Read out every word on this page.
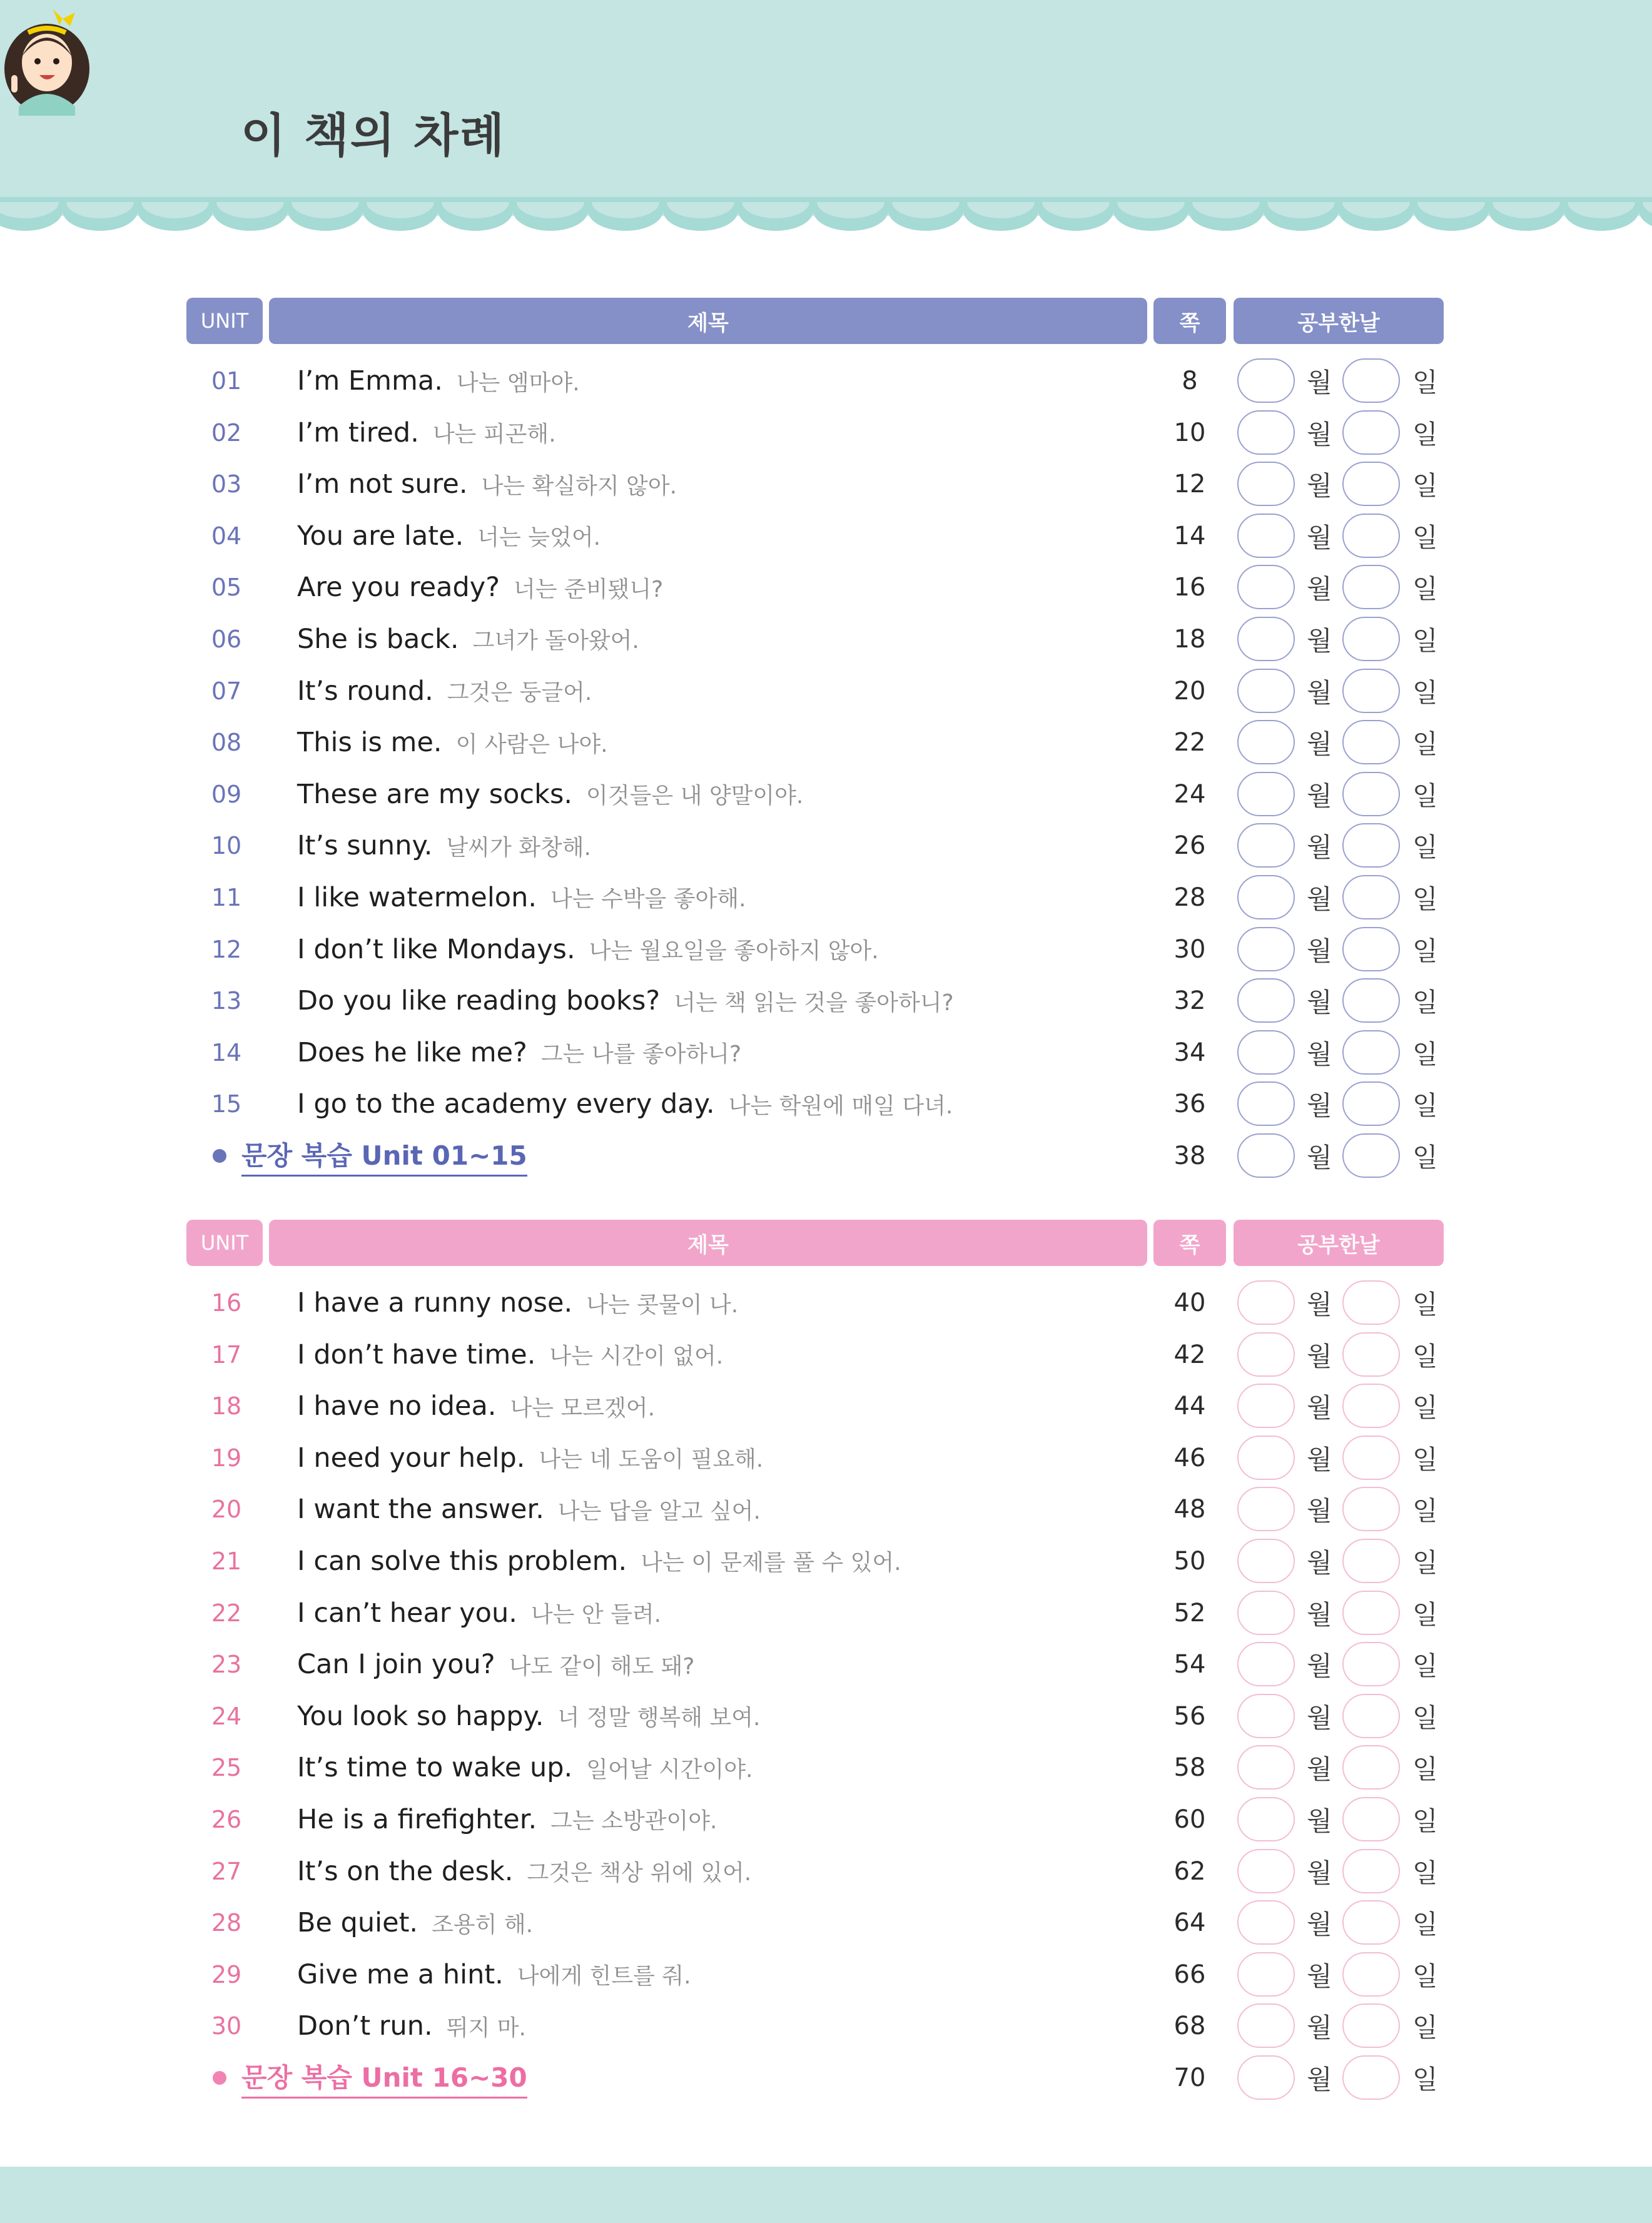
이 책의 차례
UNIT	제목	쪽	공부한날
01	I’m Emma. 나는 엠마야.	8	월	일
02	I’m tired. 나는 피곤해.	10	월	일
03	I’m not sure. 나는 확실하지 않아.	12	월	일
04	You are late. 너는 늦었어.	14	월	일
05	Are you ready? 너는 준비됐니?	16	월	일
06	She is back. 그녀가 돌아왔어.	18	월	일
07	It’s round. 그것은 둥글어.	20	월	일
08	This is me. 이 사람은 나야.	22	월	일
09	These are my socks. 이것들은 내 양말이야.	24	월	일
10	It’s sunny. 날씨가 화창해.	26	월	일
11	I like watermelon. 나는 수박을 좋아해.	28	월	일
12	I don’t like Mondays. 나는 월요일을 좋아하지 않아.	30	월	일
13	Do you like reading books? 너는 책 읽는 것을 좋아하니?	32	월	일
14	Does he like me? 그는 나를 좋아하니?	34	월	일
15	I go to the academy every day. 나는 학원에 매일 다녀.	36	월	일
문장 복습 Unit 01~15	38	월	일
UNIT	제목	쪽	공부한날
16	I have a runny nose. 나는 콧물이 나.	40	월	일
17	I don’t have time. 나는 시간이 없어.	42	월	일
18	I have no idea. 나는 모르겠어.	44	월	일
19	I need your help. 나는 네 도움이 필요해.	46	월	일
20	I want the answer. 나는 답을 알고 싶어.	48	월	일
21	I can solve this problem. 나는 이 문제를 풀 수 있어.	50	월	일
22	I can’t hear you. 나는 안 들려.	52	월	일
23	Can I join you? 나도 같이 해도 돼?	54	월	일
24	You look so happy. 너 정말 행복해 보여.	56	월	일
25	It’s time to wake up. 일어날 시간이야.	58	월	일
26	He is a firefighter. 그는 소방관이야.	60	월	일
27	It’s on the desk. 그것은 책상 위에 있어.	62	월	일
28	Be quiet. 조용히 해.	64	월	일
29	Give me a hint. 나에게 힌트를 줘.	66	월	일
30	Don’t run. 뛰지 마.	68	월	일
문장 복습 Unit 16~30	70	월	일
